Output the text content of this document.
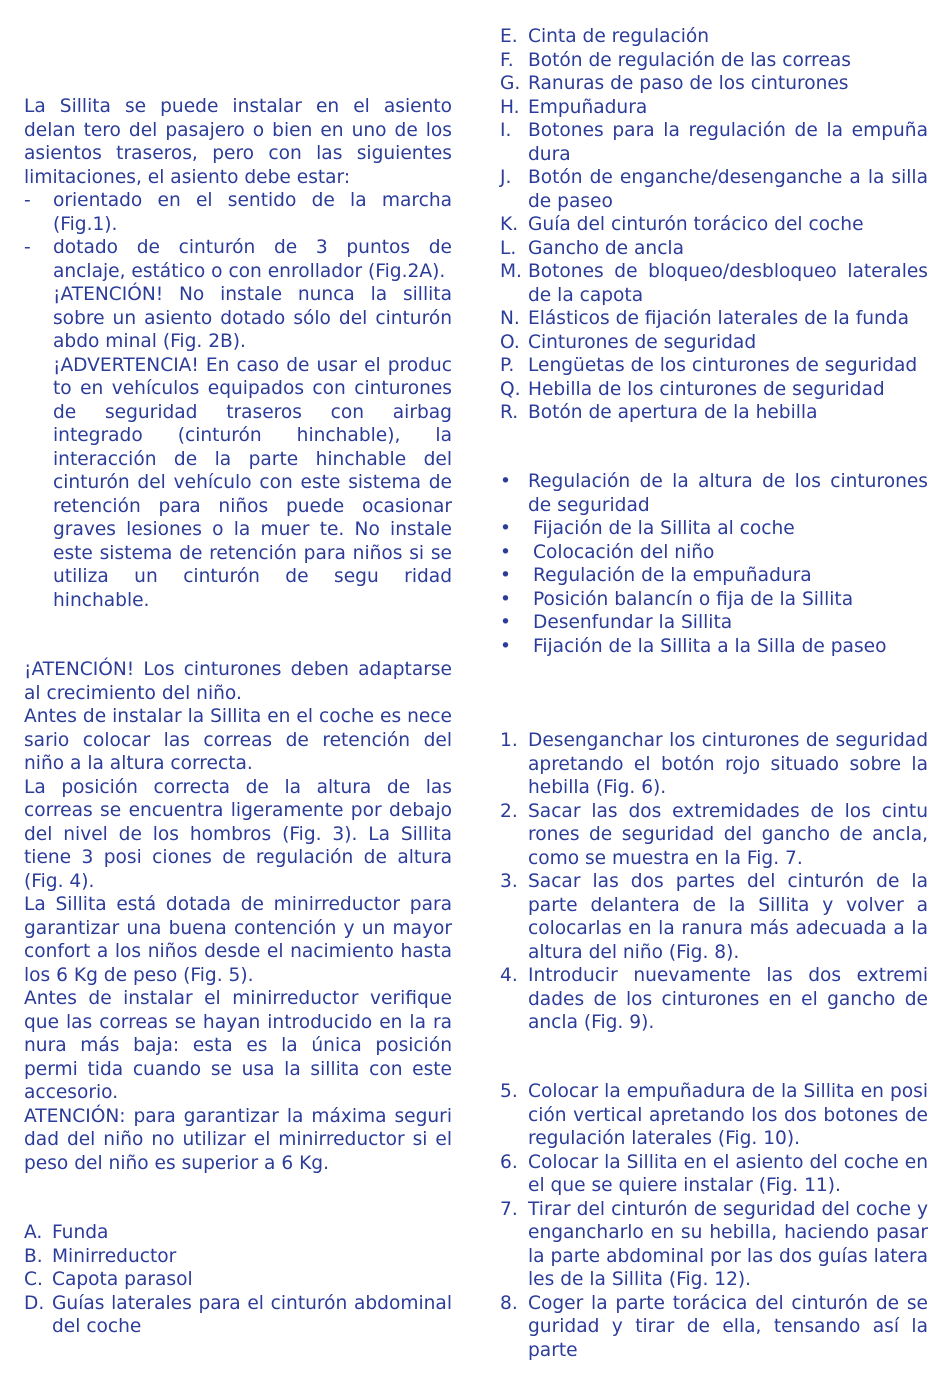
La Sillita se puede instalar en el asiento delan tero del pasajero o bien en uno de los asientos traseros, pero con las siguientes limitaciones, el asiento debe estar:

-	orientado en el sentido de la marcha (Fig.1).
-	dotado de cinturón de 3 puntos de anclaje, estático o con enrollador (Fig.2A).

¡ATENCIÓN! No instale nunca la sillita sobre un asiento dotado sólo del cinturón abdo minal (Fig. 2B).

¡ADVERTENCIA! En caso de usar el produc to en vehículos equipados con cinturones de seguridad traseros con airbag integrado (cinturón hinchable), la interacción de la parte hinchable del cinturón del vehículo con este sistema de retención para niños puede ocasionar graves lesiones o la muer te. No instale este sistema de retención para niños si se utiliza un cinturón de segu ridad hinchable.

¡ATENCIÓN! Los cinturones deben adaptarse al crecimiento del niño.

Antes de instalar la Sillita en el coche es nece sario colocar las correas de retención del niño a la altura correcta.

La posición correcta de la altura de las correas se encuentra ligeramente por debajo del nivel de los hombros (Fig. 3). La Sillita tiene 3 posi ciones de regulación de altura (Fig. 4).

La Sillita está dotada de minirreductor para garantizar una buena contención y un mayor confort a los niños desde el nacimiento hasta los 6 Kg de peso (Fig. 5).

Antes de instalar el minirreductor verifique que las correas se hayan introducido en la ra nura más baja: esta es la única posición permi tida cuando se usa la sillita con este accesorio.

ATENCIÓN: para garantizar la máxima seguri dad del niño no utilizar el minirreductor si el peso del niño es superior a 6 Kg.

A. Funda
B. Minirreductor
C. Capota parasol
D. Guías laterales para el cinturón abdominal del coche
E. Cinta de regulación
F. Botón de regulación de las correas
G. Ranuras de paso de los cinturones
H. Empuñadura
I. Botones para la regulación de la empuña dura
J. Botón de enganche/desenganche a la silla de paseo
K. Guía del cinturón torácico del coche
L. Gancho de ancla
M. Botones de bloqueo/desbloqueo laterales de la capota
N. Elásticos de fijación laterales de la funda
O. Cinturones de seguridad
P. Lengüetas de los cinturones de seguridad
Q. Hebilla de los cinturones de seguridad
R. Botón de apertura de la hebilla
• Regulación de la altura de los cinturones de seguridad
•	Fijación de la Sillita al coche
•	Colocación del niño
•	Regulación de la empuñadura
•	Posición balancín o fija de la Sillita
•	Desenfundar la Sillita
•	Fijación de la Sillita a la Silla de paseo
1. Desenganchar los cinturones de seguridad apretando el botón rojo situado sobre la hebilla (Fig. 6).
2. Sacar las dos extremidades de los cintu rones de seguridad del gancho de ancla, como se muestra en la Fig. 7.
3. Sacar las dos partes del cinturón de la parte delantera de la Sillita y volver a colocarlas en la ranura más adecuada a la altura del niño (Fig. 8).
4. Introducir nuevamente las dos extremi dades de los cinturones en el gancho de ancla (Fig. 9).
5. Colocar la empuñadura de la Sillita en posi ción vertical apretando los dos botones de regulación laterales (Fig. 10).
6. Colocar la Sillita en el asiento del coche en el que se quiere instalar (Fig. 11).
7. Tirar del cinturón de seguridad del coche y engancharlo en su hebilla, haciendo pasar la parte abdominal por las dos guías latera les de la Sillita (Fig. 12).
8. Coger la parte torácica del cinturón de se guridad y tirar de ella, tensando así la parte
